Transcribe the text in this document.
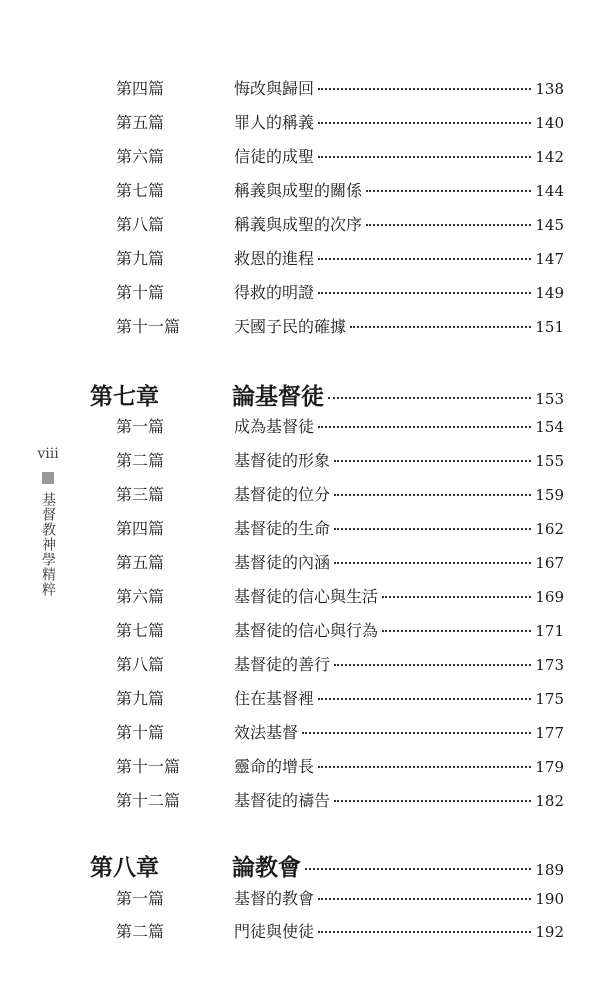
viii
基督教神學精粹
第四篇	悔改與歸回	138
第五篇	罪人的稱義	140
第六篇	信徒的成聖	142
第七篇	稱義與成聖的關係	144
第八篇	稱義與成聖的次序	145
第九篇	救恩的進程	147
第十篇	得救的明證	149
第十一篇	天國子民的確據	151
第七章	論基督徒	153
第一篇	成為基督徒	154
第二篇	基督徒的形象	155
第三篇	基督徒的位分	159
第四篇	基督徒的生命	162
第五篇	基督徒的內涵	167
第六篇	基督徒的信心與生活	169
第七篇	基督徒的信心與行為	171
第八篇	基督徒的善行	173
第九篇	住在基督裡	175
第十篇	效法基督	177
第十一篇	靈命的增長	179
第十二篇	基督徒的禱告	182
第八章	論教會	189
第一篇	基督的教會	190
第二篇	門徒與使徒	192
